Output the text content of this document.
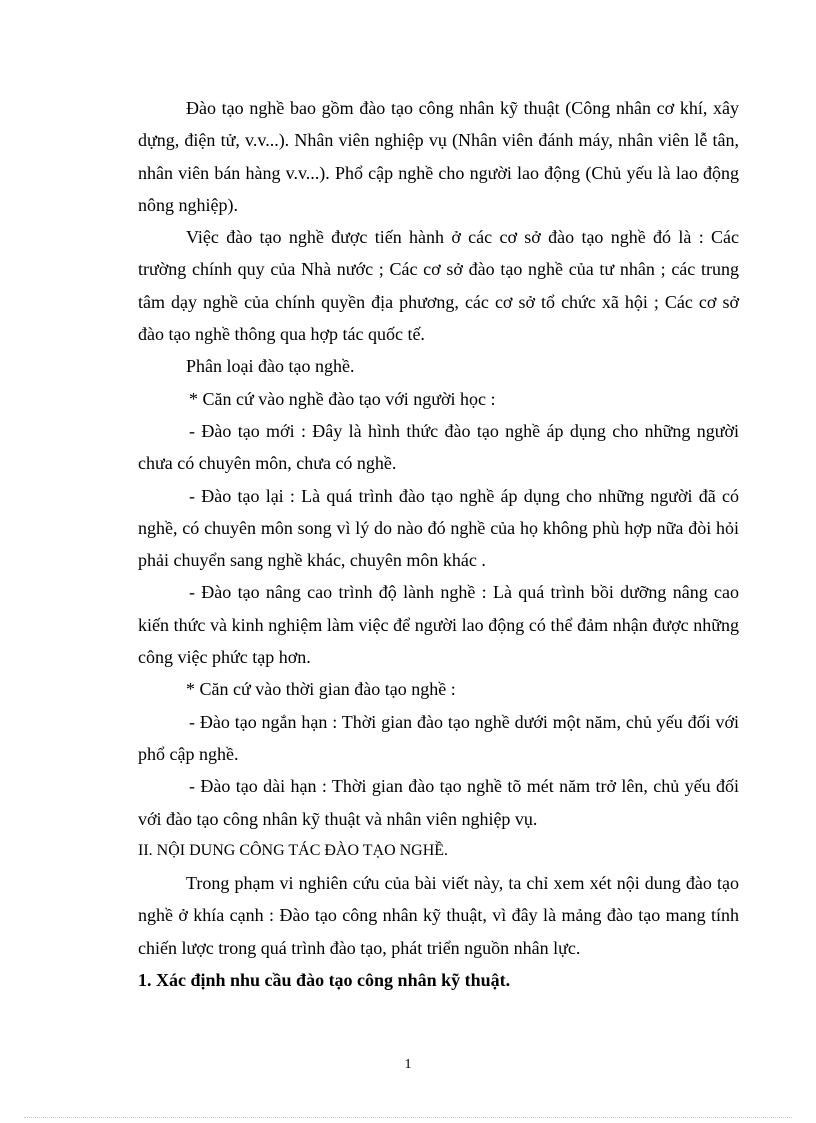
Đào tạo nghề bao gồm đào tạo công nhân kỹ thuật (Công nhân cơ khí, xây dựng, điện tử, v.v...). Nhân viên nghiệp vụ (Nhân viên đánh máy, nhân viên lễ tân, nhân viên bán hàng v.v...). Phổ cập nghề cho người lao động (Chủ yếu là lao động nông nghiệp).

Việc đào tạo nghề được tiến hành ở các cơ sở đào tạo nghề đó là : Các trường chính quy của Nhà nước ; Các cơ sở đào tạo nghề của tư nhân ; các trung tâm dạy nghề của chính quyền địa phương, các cơ sở tổ chức xã hội ; Các cơ sở đào tạo nghề thông qua hợp tác quốc tế.

Phân loại đào tạo nghề.

* Căn cứ vào nghề đào tạo với người học :

- Đào tạo mới : Đây là hình thức đào tạo nghề áp dụng cho những người chưa có chuyên môn, chưa có nghề.

- Đào tạo lại : Là quá trình đào tạo nghề áp dụng cho những người đã có nghề, có chuyên môn song vì lý do nào đó nghề của họ không phù hợp nữa đòi hỏi phải chuyển sang nghề khác, chuyên môn khác .

- Đào tạo nâng cao trình độ lành nghề : Là quá trình bồi dưỡng nâng cao kiến thức và kinh nghiệm làm việc để người lao động có thể đảm nhận được những công việc phức tạp hơn.

* Căn cứ vào thời gian đào tạo nghề :

- Đào tạo ngắn hạn : Thời gian đào tạo nghề dưới một năm, chủ yếu đối với phổ cập nghề.

- Đào tạo dài hạn : Thời gian đào tạo nghề tõ mét năm trở lên, chủ yếu đối với đào tạo công nhân kỹ thuật và nhân viên nghiệp vụ.

II. NỘI DUNG CÔNG TÁC ĐÀO TẠO NGHỀ.

Trong phạm vi nghiên cứu của bài viết này, ta chỉ xem xét nội dung đào tạo nghề ở khía cạnh : Đào tạo công nhân kỹ thuật, vì đây là mảng đào tạo mang tính chiến lược trong quá trình đào tạo, phát triển nguồn nhân lực.

1. Xác định nhu cầu đào tạo công nhân kỹ thuật.

1
